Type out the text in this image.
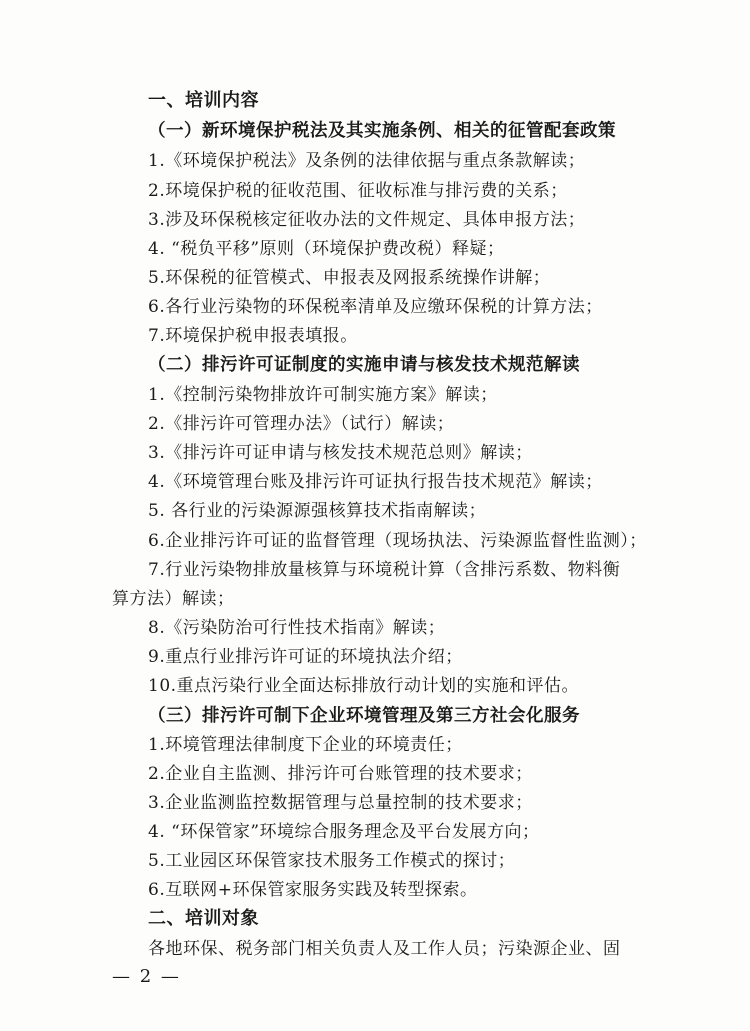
一、培训内容
（一）新环境保护税法及其实施条例、相关的征管配套政策
1.《环境保护税法》及条例的法律依据与重点条款解读；
2.环境保护税的征收范围、征收标准与排污费的关系；
3.涉及环保税核定征收办法的文件规定、具体申报方法；
4. “税负平移”原则（环境保护费改税）释疑；
5.环保税的征管模式、申报表及网报系统操作讲解；
6.各行业污染物的环保税率清单及应缴环保税的计算方法；
7.环境保护税申报表填报。
（二）排污许可证制度的实施申请与核发技术规范解读
1.《控制污染物排放许可制实施方案》解读；
2.《排污许可管理办法》（试行）解读；
3.《排污许可证申请与核发技术规范总则》解读；
4.《环境管理台账及排污许可证执行报告技术规范》解读；
5. 各行业的污染源源强核算技术指南解读；
6.企业排污许可证的监督管理（现场执法、污染源监督性监测）；
7.行业污染物排放量核算与环境税计算（含排污系数、物料衡
算方法）解读；
8.《污染防治可行性技术指南》解读；
9.重点行业排污许可证的环境执法介绍；
10.重点污染行业全面达标排放行动计划的实施和评估。
（三）排污许可制下企业环境管理及第三方社会化服务
1.环境管理法律制度下企业的环境责任；
2.企业自主监测、排污许可台账管理的技术要求；
3.企业监测监控数据管理与总量控制的技术要求；
4. “环保管家”环境综合服务理念及平台发展方向；
5.工业园区环保管家技术服务工作模式的探讨；
6.互联网+环保管家服务实践及转型探索。
二、培训对象
各地环保、税务部门相关负责人及工作人员；污染源企业、固
— 2 —
